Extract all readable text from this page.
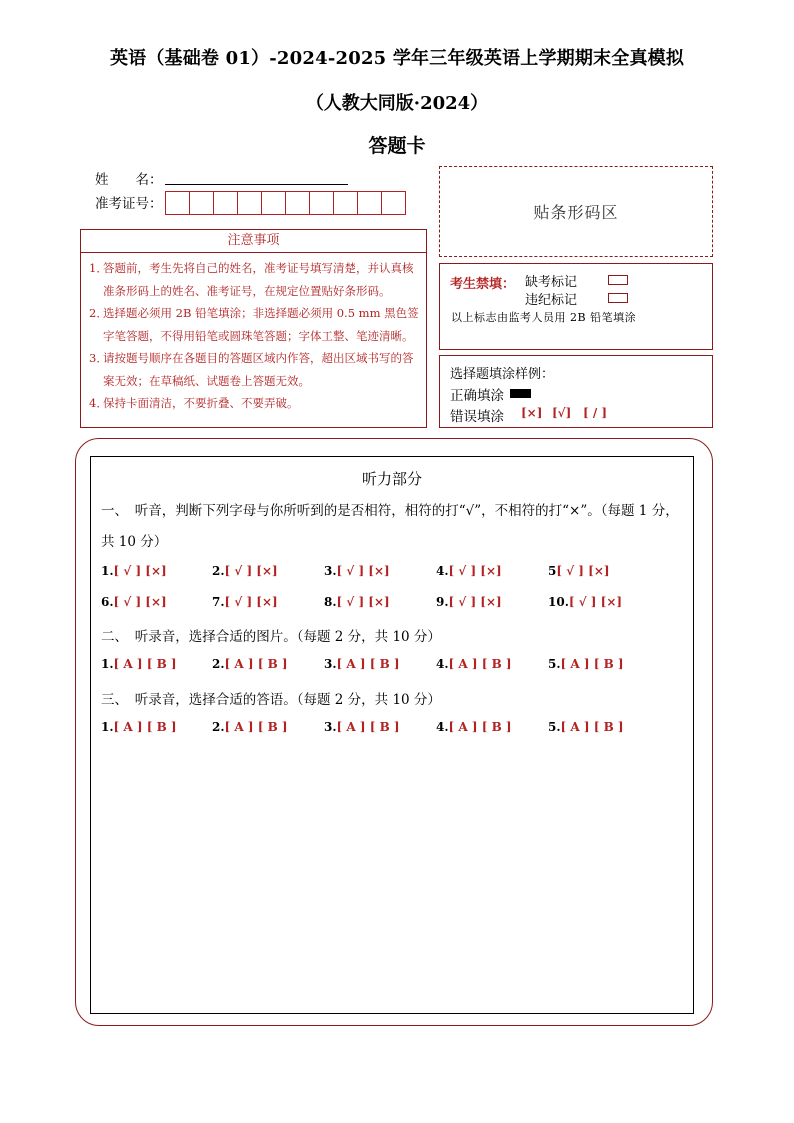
英语（基础卷 01）-2024-2025 学年三年级英语上学期期末全真模拟
（人教大同版·2024）
答题卡
姓　　名：
准考证号：	贴条形码区
注意事项
1．
答题前，考生先将自己的姓名，准考证号填写清楚，并认真核准条形码上的姓名、准考证号，在规定位置贴好条形码。
2．
选择题必须用 2B 铅笔填涂；非选择题必须用 0.5 mm 黑色签字笔答题，不得用铅笔或圆珠笔答题；字体工整、笔迹清晰。
3．
请按题号顺序在各题目的答题区域内作答，超出区域书写的答案无效；在草稿纸、试题卷上答题无效。
4．
保持卡面清洁，不要折叠、不要弄破。
考生禁填： 缺考标记
违纪标记
以上标志由监考人员用 2B 铅笔填涂
选择题填涂样例：
正确填涂
错误填涂 [×] [√] [ / ]
听力部分
一、　听音，判断下列字母与你所听到的是否相符，相符的打“√”，不相符的打“×”。（每题 1 分，
共 10 分）
1.[ √ ] [×]	2.[ √ ] [×]	3.[ √ ] [×]	4.[ √ ] [×]	5[ √ ] [×]
6.[ √ ] [×]	7.[ √ ] [×]	8.[ √ ] [×]	9.[ √ ] [×]	10.[ √ ] [×]
二、　听录音，选择合适的图片。（每题 2 分，共 10 分）
1.[ A ] [ B ]	2.[ A ] [ B ]	3.[ A ] [ B ]	4.[ A ] [ B ]	5.[ A ] [ B ]
三、　听录音，选择合适的答语。（每题 2 分，共 10 分）
1.[ A ] [ B ]	2.[ A ] [ B ]	3.[ A ] [ B ]	4.[ A ] [ B ]	5.[ A ] [ B ]
